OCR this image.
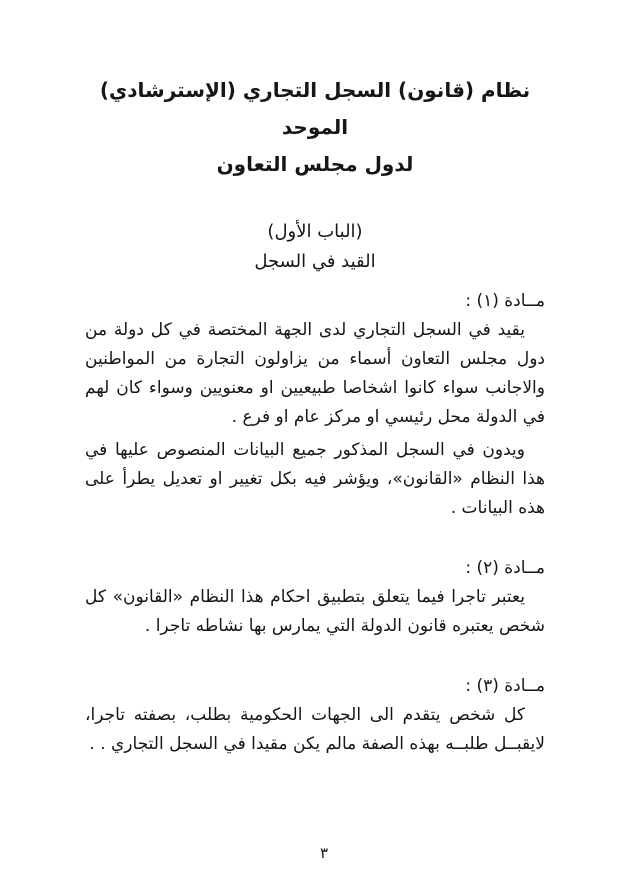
نظام (قانون) السجل التجاري (الإسترشادي) الموحد
لدول مجلس التعاون
(الباب الأول)
القيد في السجل
مــادة (١) :

يقيد في السجل التجاري لدى الجهة المختصة في كل دولة من دول مجلس التعاون أسماء من يزاولون التجارة من المواطنين والاجانب سواء كانوا اشخاصا طبيعيين او معنويين وسواء كان لهم في الدولة محل رئيسي او مركز عام او فرع .

ويدون في السجل المذكور جميع البيانات المنصوص عليها في هذا النظام «القانون»، ويؤشر فيه بكل تغيير او تعديل يطرأ على هذه البيانات .

مــادة (٢) :

يعتبر تاجرا فيما يتعلق بتطبيق احكام هذا النظام «القانون» كل شخص يعتبره قانون الدولة التي يمارس بها نشاطه تاجرا .

مــادة (٣) :

كل شخص يتقدم الى الجهات الحكومية بطلب، بصفته تاجرا، لايقبــل طلبــه بهذه الصفة مالم يكن مقيدا في السجل التجاري . .

٣
